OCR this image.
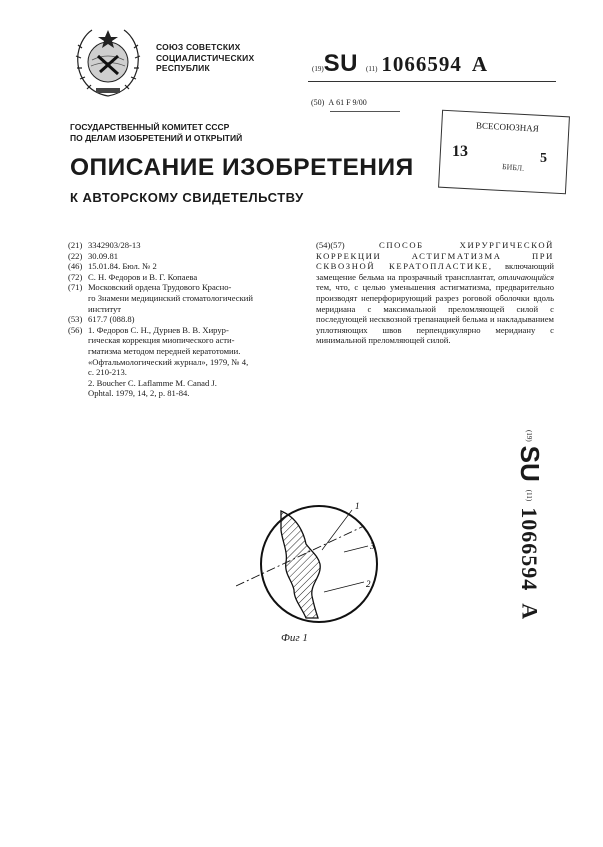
СОЮЗ СОВЕТСКИХ
СОЦИАЛИСТИЧЕСКИХ
РЕСПУБЛИК	(19)SU (11) 1066594 A
(50) А 61 F 9/00
ВСЕСОЮЗНАЯ
13
БИБЛ.
5
ГОСУДАРСТВЕННЫЙ КОМИТЕТ СССР
ПО ДЕЛАМ ИЗОБРЕТЕНИЙ И ОТКРЫТИЙ
ОПИСАНИЕ ИЗОБРЕТЕНИЯ
К АВТОРСКОМУ СВИДЕТЕЛЬСТВУ
(21) 3342903/28-13
(22) 30.09.81
(46) 15.01.84. Бюл. № 2
(72) С. Н. Федоров и В. Г. Копаева
(71) Московский ордена Трудового Красно-
го Знамени медицинский стоматологический
институт
(53) 617.7 (088.8)
(56) 1. Федоров С. Н., Дурнев В. В. Хирур-
гическая коррекция миопического асти-
гматизма методом передней кератотомии.
«Офтальмологический журнал», 1979, № 4,
с. 210-213.
2. Boucher C. Laflamme M. Canad J.
Ophtal. 1979, 14, 2, p. 81-84.
(54)(57)	СПОСОБ ХИРУРГИЧЕСКОЙ КОРРЕКЦИИ АСТИГМАТИЗМА ПРИ СКВОЗНОЙ КЕРАТОПЛАСТИКЕ, включающий замещение бельма на прозрачный трансплантат, отличающийся тем, что, с целью уменьшения астигматизма, предварительно производят неперфорирующий разрез роговой оболочки вдоль меридиана с максимальной преломляющей силой с последующей несквозной трепанацией бельма и накладыванием уплотняющих швов перпендикулярно меридиану с минимальной преломляющей силой.
(19)SU(11)1066594A
1
3
2
Фиг 1
